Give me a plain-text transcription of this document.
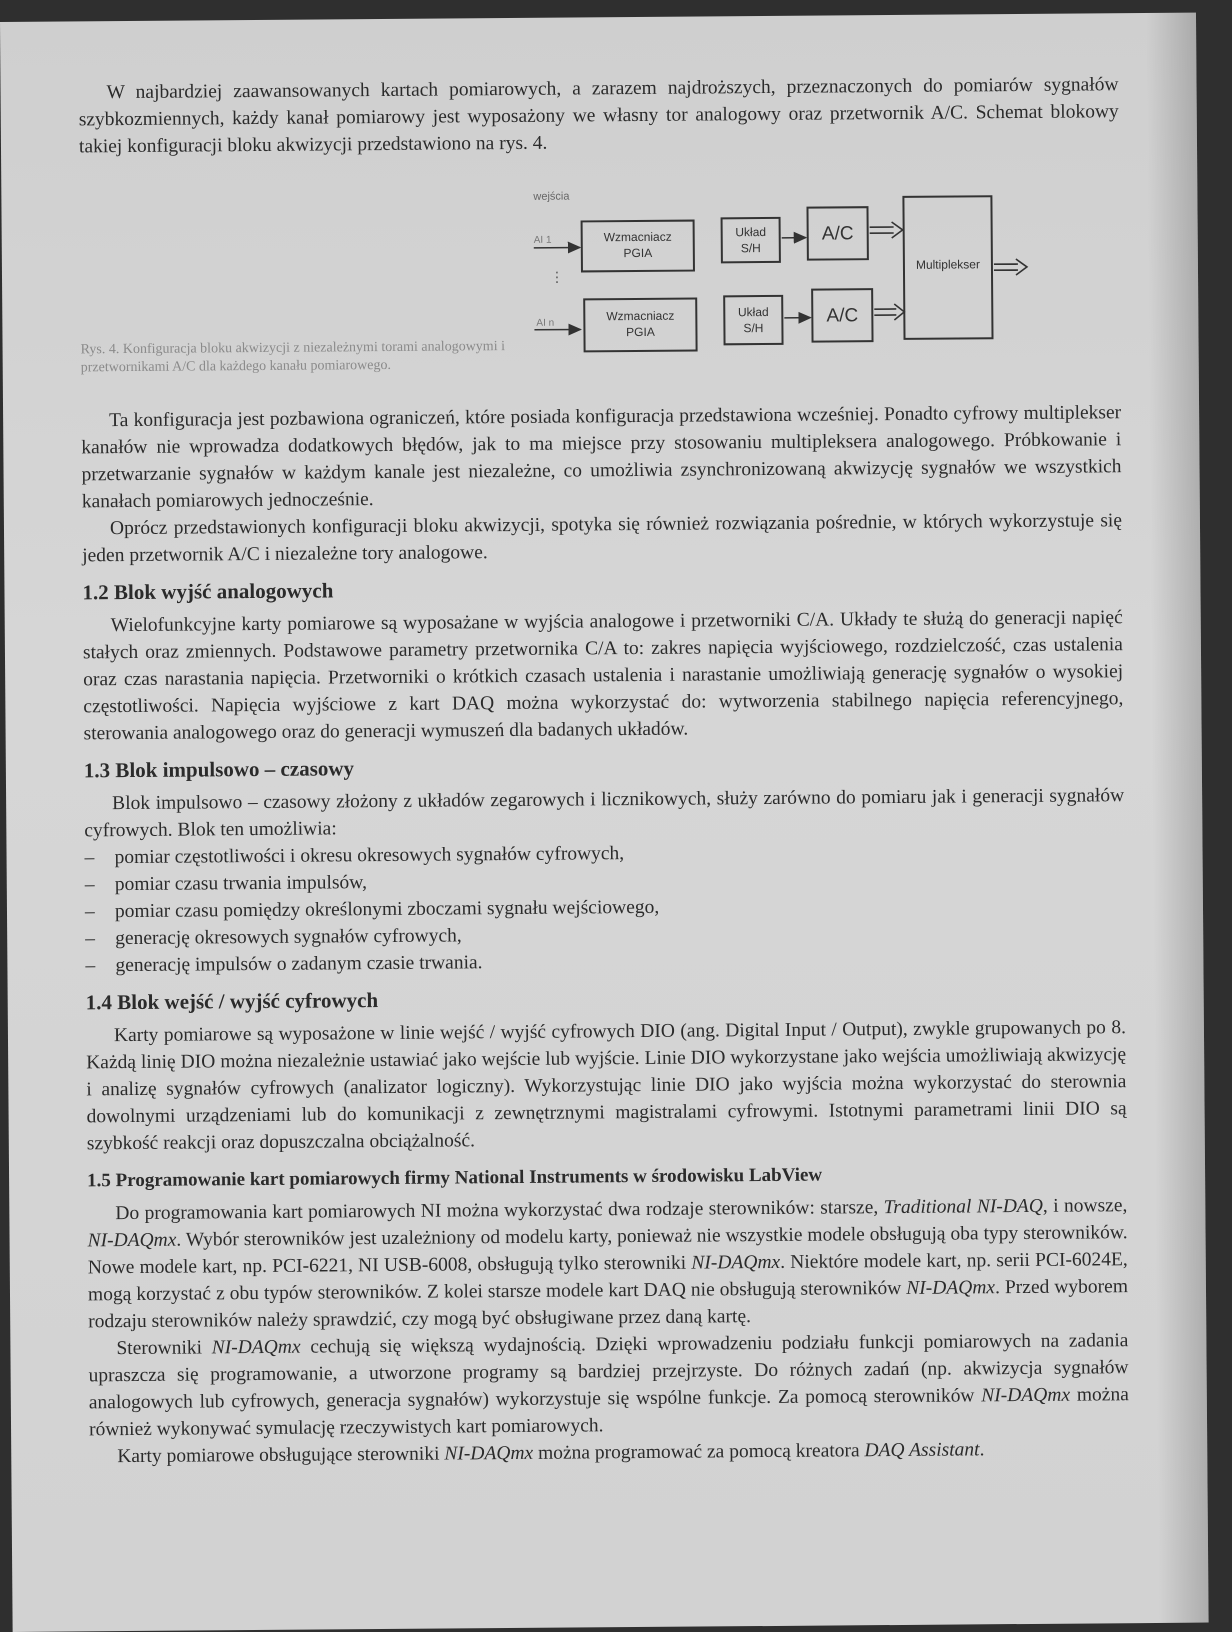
W najbardziej zaawansowanych kartach pomiarowych, a zarazem najdroższych, przeznaczonych do pomiarów sygnałów szybkozmiennych, każdy kanał pomiarowy jest wyposażony we własny tor analogowy oraz przetwornik A/C. Schemat blokowy takiej konfiguracji bloku akwizycji przedstawiono na rys. 4.

wejścia
AI 1
AI n
Wzmacniacz
PGIA
Układ
S/H
A/C
Wzmacniacz
PGIA
Układ
S/H
A/C
⋮
Multiplekser
Rys. 4. Konfiguracja bloku akwizycji z niezależnymi torami analogowymi i przetwornikami A/C dla każdego kanału pomiarowego.

Ta konfiguracja jest pozbawiona ograniczeń, które posiada konfiguracja przedstawiona wcześniej. Ponadto cyfrowy multiplekser kanałów nie wprowadza dodatkowych błędów, jak to ma miejsce przy stosowaniu multipleksera analogowego. Próbkowanie i przetwarzanie sygnałów w każdym kanale jest niezależne, co umożliwia zsynchronizowaną akwizycję sygnałów we wszystkich kanałach pomiarowych jednocześnie.

Oprócz przedstawionych konfiguracji bloku akwizycji, spotyka się również rozwiązania pośrednie, w których wykorzystuje się jeden przetwornik A/C i niezależne tory analogowe.

1.2 Blok wyjść analogowych

Wielofunkcyjne karty pomiarowe są wyposażane w wyjścia analogowe i przetworniki C/A. Układy te służą do generacji napięć stałych oraz zmiennych. Podstawowe parametry przetwornika C/A to: zakres napięcia wyjściowego, rozdzielczość, czas ustalenia oraz czas narastania napięcia. Przetworniki o krótkich czasach ustalenia i narastanie umożliwiają generację sygnałów o wysokiej częstotliwości. Napięcia wyjściowe z kart DAQ można wykorzystać do: wytworzenia stabilnego napięcia referencyjnego, sterowania analogowego oraz do generacji wymuszeń dla badanych układów.

1.3 Blok impulsowo – czasowy

Blok impulsowo – czasowy złożony z układów zegarowych i licznikowych, służy zarówno do pomiaru jak i generacji sygnałów cyfrowych. Blok ten umożliwia:

– pomiar częstotliwości i okresu okresowych sygnałów cyfrowych,
– pomiar czasu trwania impulsów,
– pomiar czasu pomiędzy określonymi zboczami sygnału wejściowego,
– generację okresowych sygnałów cyfrowych,
– generację impulsów o zadanym czasie trwania.
1.4 Blok wejść / wyjść cyfrowych

Karty pomiarowe są wyposażone w linie wejść / wyjść cyfrowych DIO (ang. Digital Input / Output), zwykle grupowanych po 8. Każdą linię DIO można niezależnie ustawiać jako wejście lub wyjście. Linie DIO wykorzystane jako wejścia umożliwiają akwizycję i analizę sygnałów cyfrowych (analizator logiczny). Wykorzystując linie DIO jako wyjścia można wykorzystać do sterownia dowolnymi urządzeniami lub do komunikacji z zewnętrznymi magistralami cyfrowymi. Istotnymi parametrami linii DIO są szybkość reakcji oraz dopuszczalna obciążalność.

1.5 Programowanie kart pomiarowych firmy National Instruments w środowisku LabView

Do programowania kart pomiarowych NI można wykorzystać dwa rodzaje sterowników: starsze, Traditional NI-DAQ, i nowsze, NI-DAQmx. Wybór sterowników jest uzależniony od modelu karty, ponieważ nie wszystkie modele obsługują oba typy sterowników. Nowe modele kart, np. PCI-6221, NI USB-6008, obsługują tylko sterowniki NI-DAQmx. Niektóre modele kart, np. serii PCI-6024E, mogą korzystać z obu typów sterowników. Z kolei starsze modele kart DAQ nie obsługują sterowników NI-DAQmx. Przed wyborem rodzaju sterowników należy sprawdzić, czy mogą być obsługiwane przez daną kartę.

Sterowniki NI-DAQmx cechują się większą wydajnością. Dzięki wprowadzeniu podziału funkcji pomiarowych na zadania upraszcza się programowanie, a utworzone programy są bardziej przejrzyste. Do różnych zadań (np. akwizycja sygnałów analogowych lub cyfrowych, generacja sygnałów) wykorzystuje się wspólne funkcje. Za pomocą sterowników NI-DAQmx można również wykonywać symulację rzeczywistych kart pomiarowych.

Karty pomiarowe obsługujące sterowniki NI-DAQmx można programować za pomocą kreatora DAQ Assistant.
